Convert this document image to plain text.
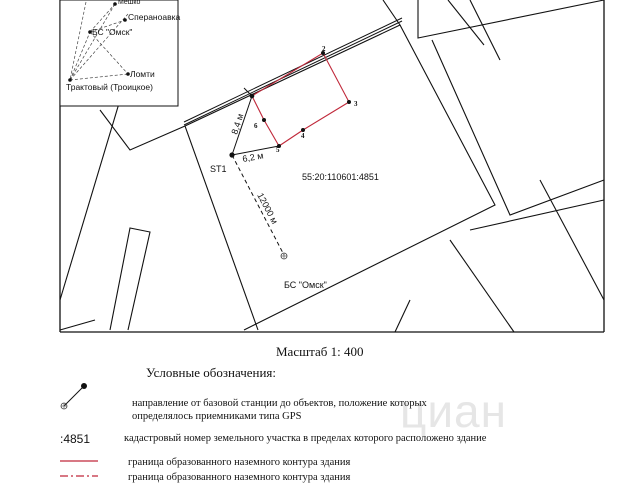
Мешко
Спераноавка
БС "Омск"
Ломти
Трактовый (Троицкое)
2
3
4
5
6
8,4 м
6,2 м
ST1
12000 м
55:20:110601:4851
БС "Омск"
циан
Масштаб 1: 400
Условные обозначения:
направление от базовой станции до объектов, положение которых
определялось приемниками типа GPS
:4851	кадастровый номер земельного участка в пределах которого расположено здание
граница образованного наземного контура здания
граница образованного наземного контура здания
